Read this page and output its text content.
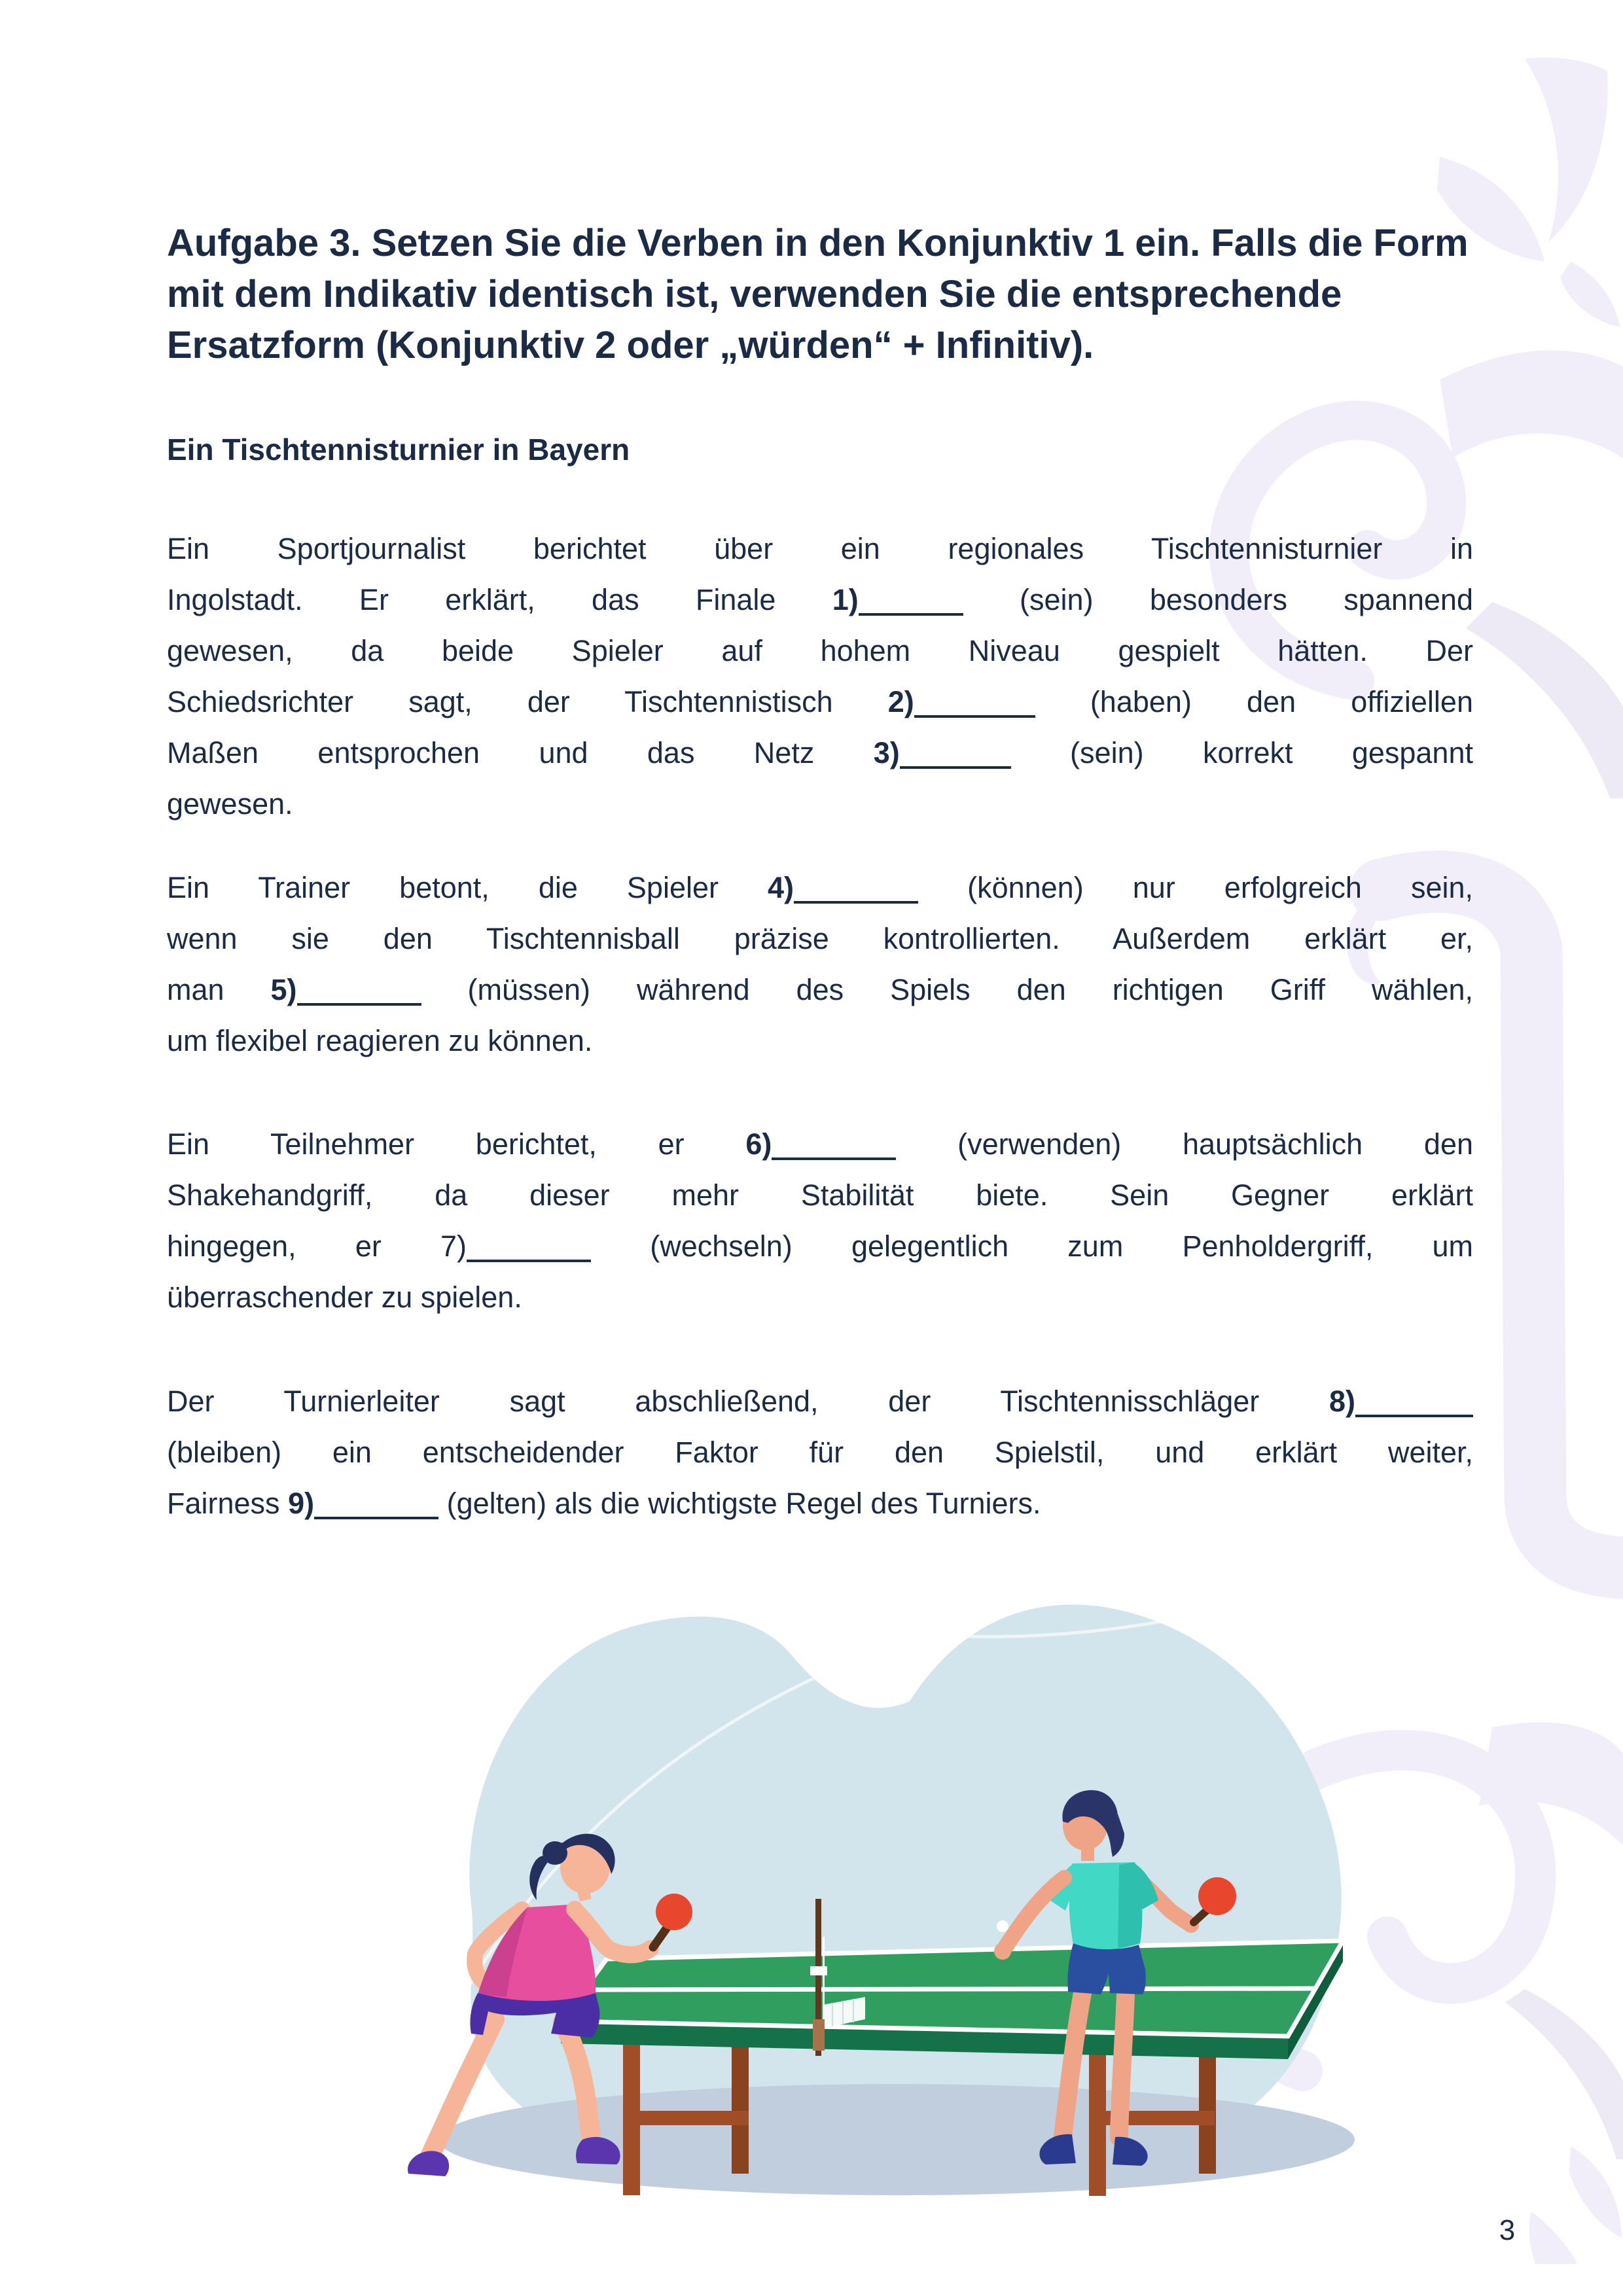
Aufgabe 3. Setzen Sie die Verben in den Konjunktiv 1 ein. Falls die Form
mit dem Indikativ identisch ist, verwenden Sie die entsprechende
Ersatzform (Konjunktiv 2 oder „würden“ + Infinitiv).
Ein Tischtennisturnier in Bayern
Ein Sportjournalist berichtet über ein regionales Tischtennisturnier in
Ingolstadt. Er erklärt, das Finale 1)	(sein) besonders spannend
gewesen, da beide Spieler auf hohem Niveau gespielt hätten. Der
Schiedsrichter sagt, der Tischtennistisch 2)	(haben) den offiziellen
Maßen entsprochen und das Netz 3)	(sein) korrekt gespannt
gewesen.
Ein Trainer betont, die Spieler 4)	(können) nur erfolgreich sein,
wenn sie den Tischtennisball präzise kontrollierten. Außerdem erklärt er,
man 5)	(müssen) während des Spiels den richtigen Griff wählen,
um flexibel reagieren zu können.
Ein Teilnehmer berichtet, er 6)	(verwenden) hauptsächlich den
Shakehandgriff, da dieser mehr Stabilität biete. Sein Gegner erklärt
hingegen, er 7)	(wechseln) gelegentlich zum Penholdergriff, um
überraschender zu spielen.
Der Turnierleiter sagt abschließend, der Tischtennisschläger 8)
(bleiben) ein entscheidender Faktor für den Spielstil, und erklärt weiter,
Fairness 9)	(gelten) als die wichtigste Regel des Turniers.
3
